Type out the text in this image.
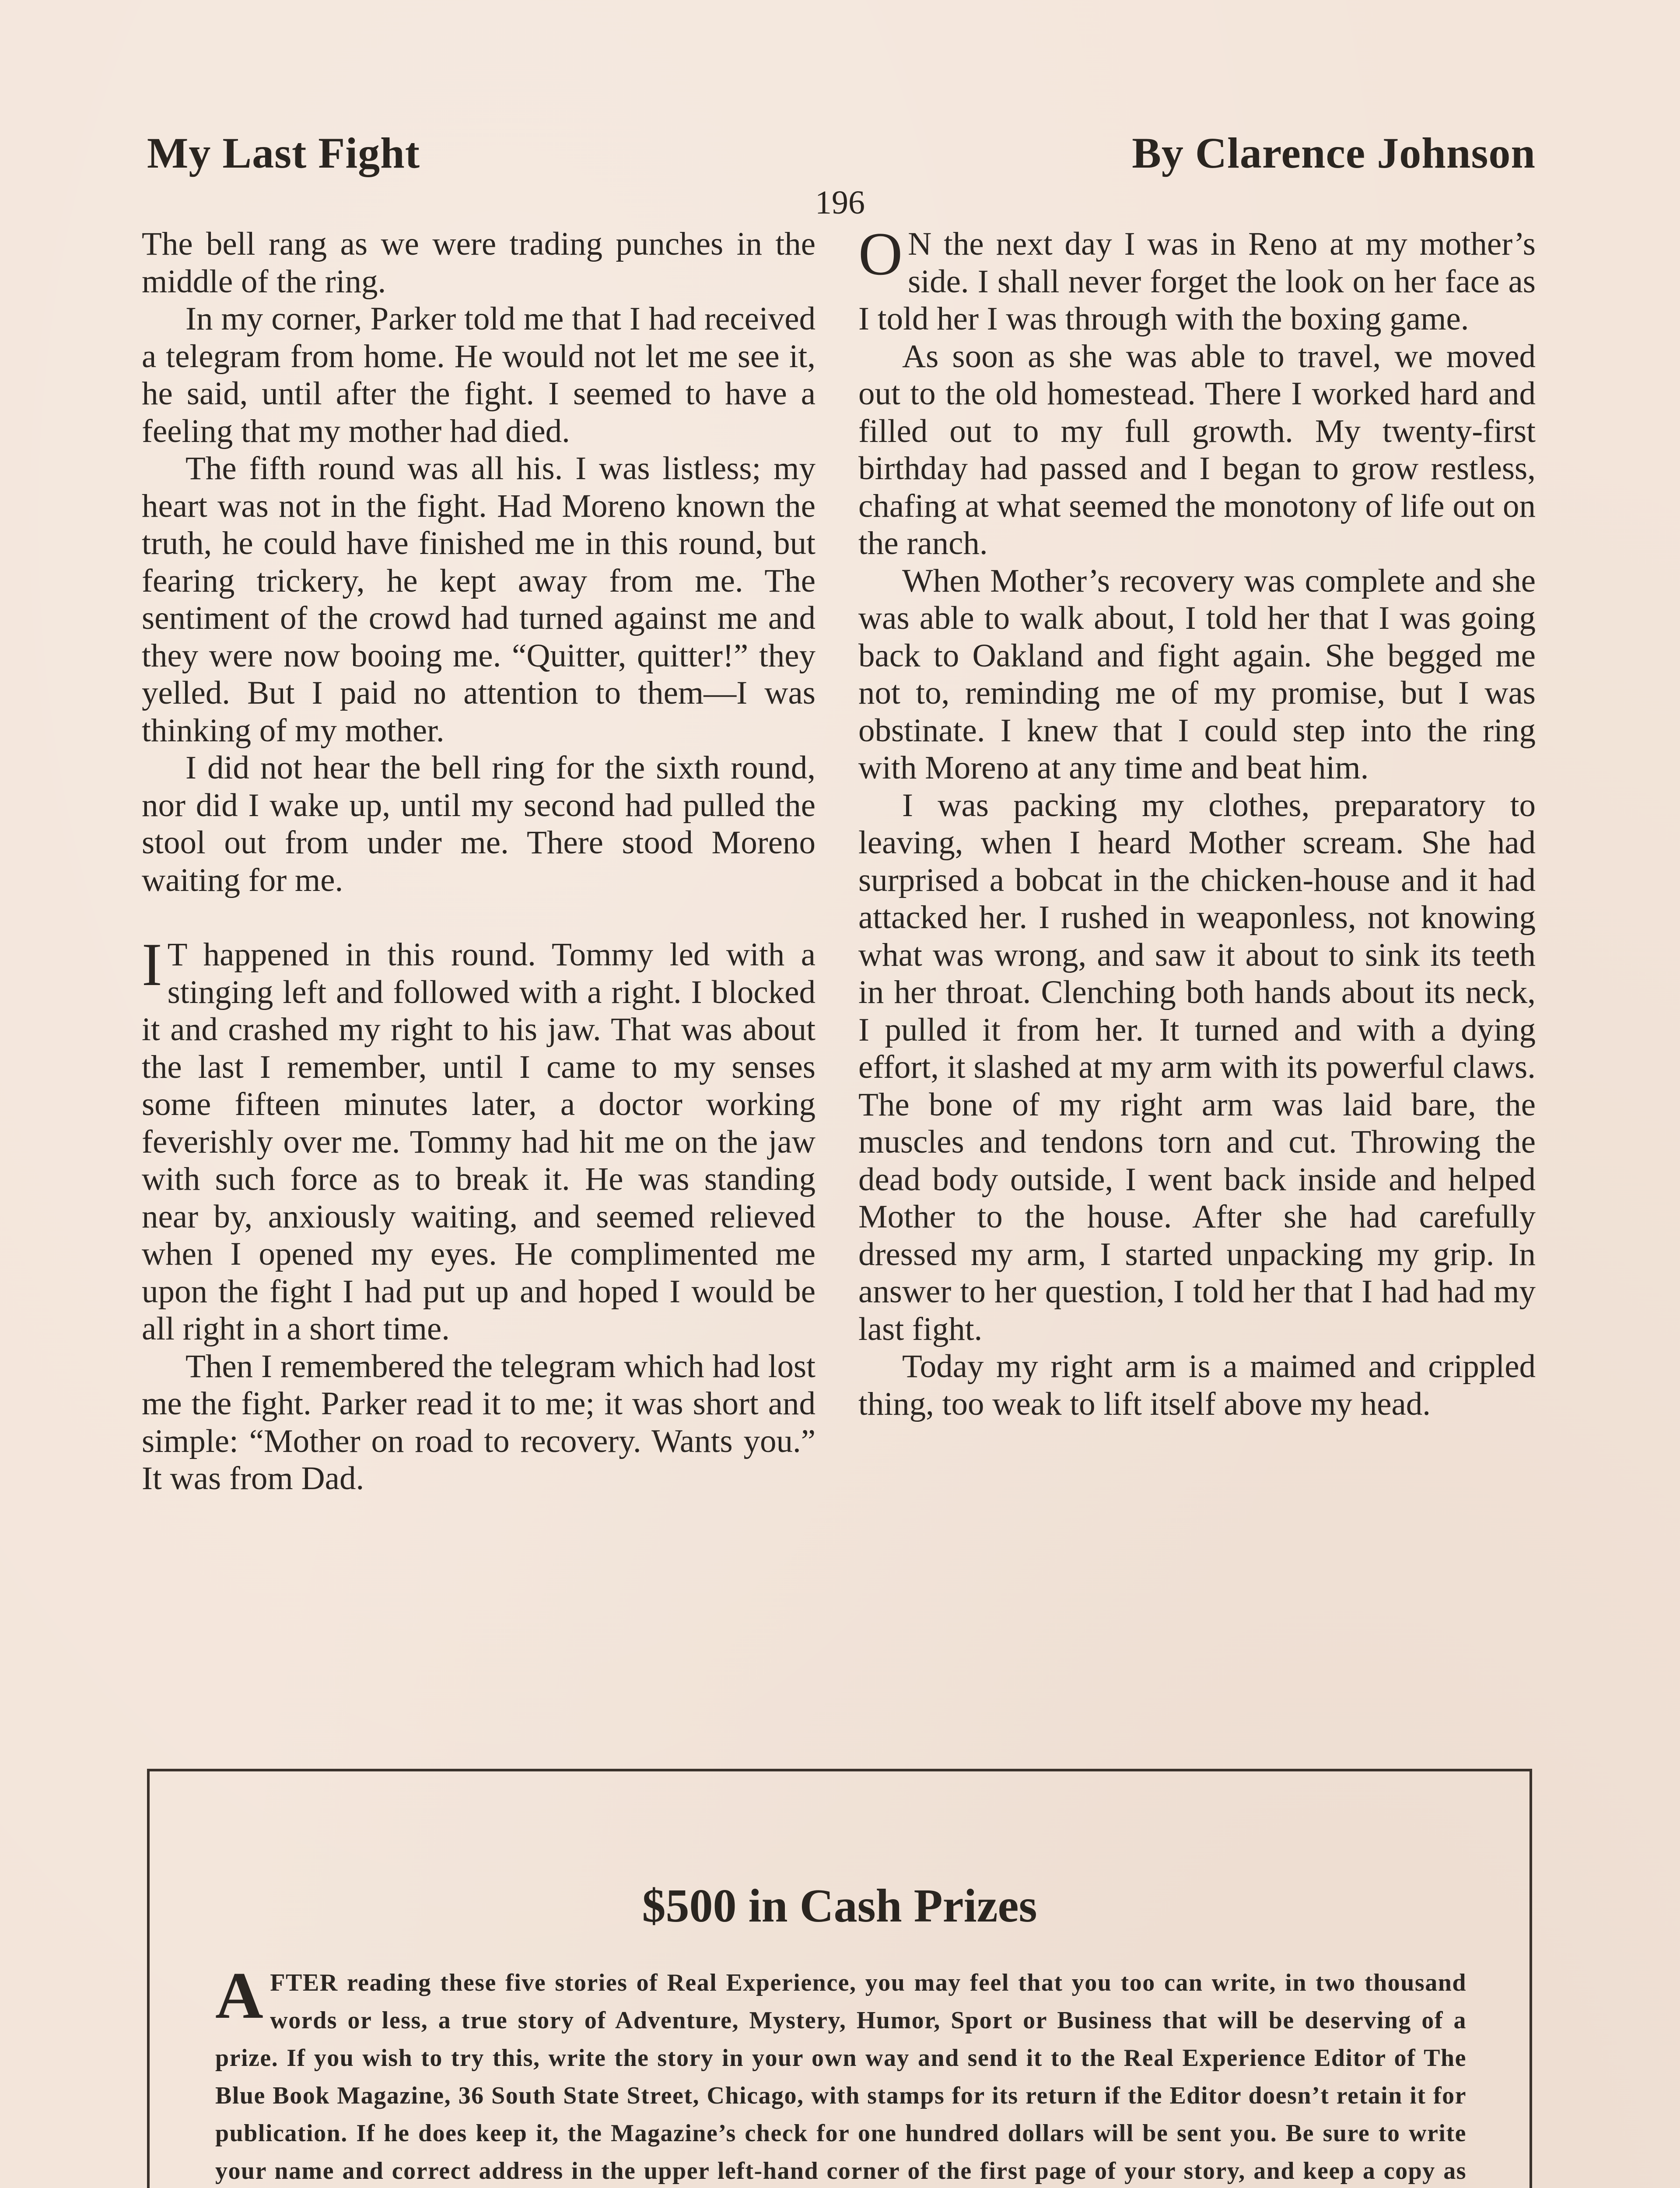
My Last Fight	By Clarence Johnson
196

The bell rang as we were trading punches in the middle of the ring.

In my corner, Parker told me that I had received a telegram from home. He would not let me see it, he said, until after the fight. I seemed to have a feeling that my mother had died.

The fifth round was all his. I was listless; my heart was not in the fight. Had Moreno known the truth, he could have finished me in this round, but fearing trickery, he kept away from me. The sentiment of the crowd had turned against me and they were now booing me. “Quitter, quitter!” they yelled. But I paid no attention to them—I was thinking of my mother.

I did not hear the bell ring for the sixth round, nor did I wake up, until my second had pulled the stool out from under me. There stood Moreno waiting for me.

I T happened in this round. Tommy led with a stinging left and followed with a right. I blocked it and crashed my right to his jaw. That was about the last I remember, until I came to my senses some fifteen minutes later, a doctor working feverishly over me. Tommy had hit me on the jaw with such force as to break it. He was standing near by, anxiously waiting, and seemed relieved when I opened my eyes. He complimented me upon the fight I had put up and hoped I would be all right in a short time.

Then I remembered the telegram which had lost me the fight. Parker read it to me; it was short and simple: “Mother on road to recovery. Wants you.” It was from Dad.

O N the next day I was in Reno at my mother’s side. I shall never forget the look on her face as I told her I was through with the boxing game.

As soon as she was able to travel, we moved out to the old homestead. There I worked hard and filled out to my full growth. My twenty-first birthday had passed and I began to grow restless, chafing at what seemed the monotony of life out on the ranch.

When Mother’s recovery was complete and she was able to walk about, I told her that I was going back to Oakland and fight again. She begged me not to, reminding me of my promise, but I was obstinate. I knew that I could step into the ring with Moreno at any time and beat him.

I was packing my clothes, preparatory to leaving, when I heard Mother scream. She had surprised a bobcat in the chicken-house and it had attacked her. I rushed in weaponless, not knowing what was wrong, and saw it about to sink its teeth in her throat. Clenching both hands about its neck, I pulled it from her. It turned and with a dying effort, it slashed at my arm with its powerful claws. The bone of my right arm was laid bare, the muscles and tendons torn and cut. Throwing the dead body outside, I went back inside and helped Mother to the house. After she had carefully dressed my arm, I started unpacking my grip. In answer to her question, I told her that I had had my last fight.

Today my right arm is a maimed and crippled thing, too weak to lift itself above my head.

$500 in Cash Prizes
AFTER reading these five stories of Real Experience, you may feel that you too can write, in two thousand words or less, a true story of Adventure, Mystery, Humor, Sport or Business that will be deserving of a prize. If you wish to try this, write the story in your own way and send it to the Real Experience Editor of The Blue Book Magazine, 36 South State Street, Chicago, with stamps for its return if the Editor doesn’t retain it for publication. If he does keep it, the Magazine’s check for one hundred dollars will be sent you. Be sure to write your name and correct address in the upper left-hand corner of the first page of your story, and keep a copy as
